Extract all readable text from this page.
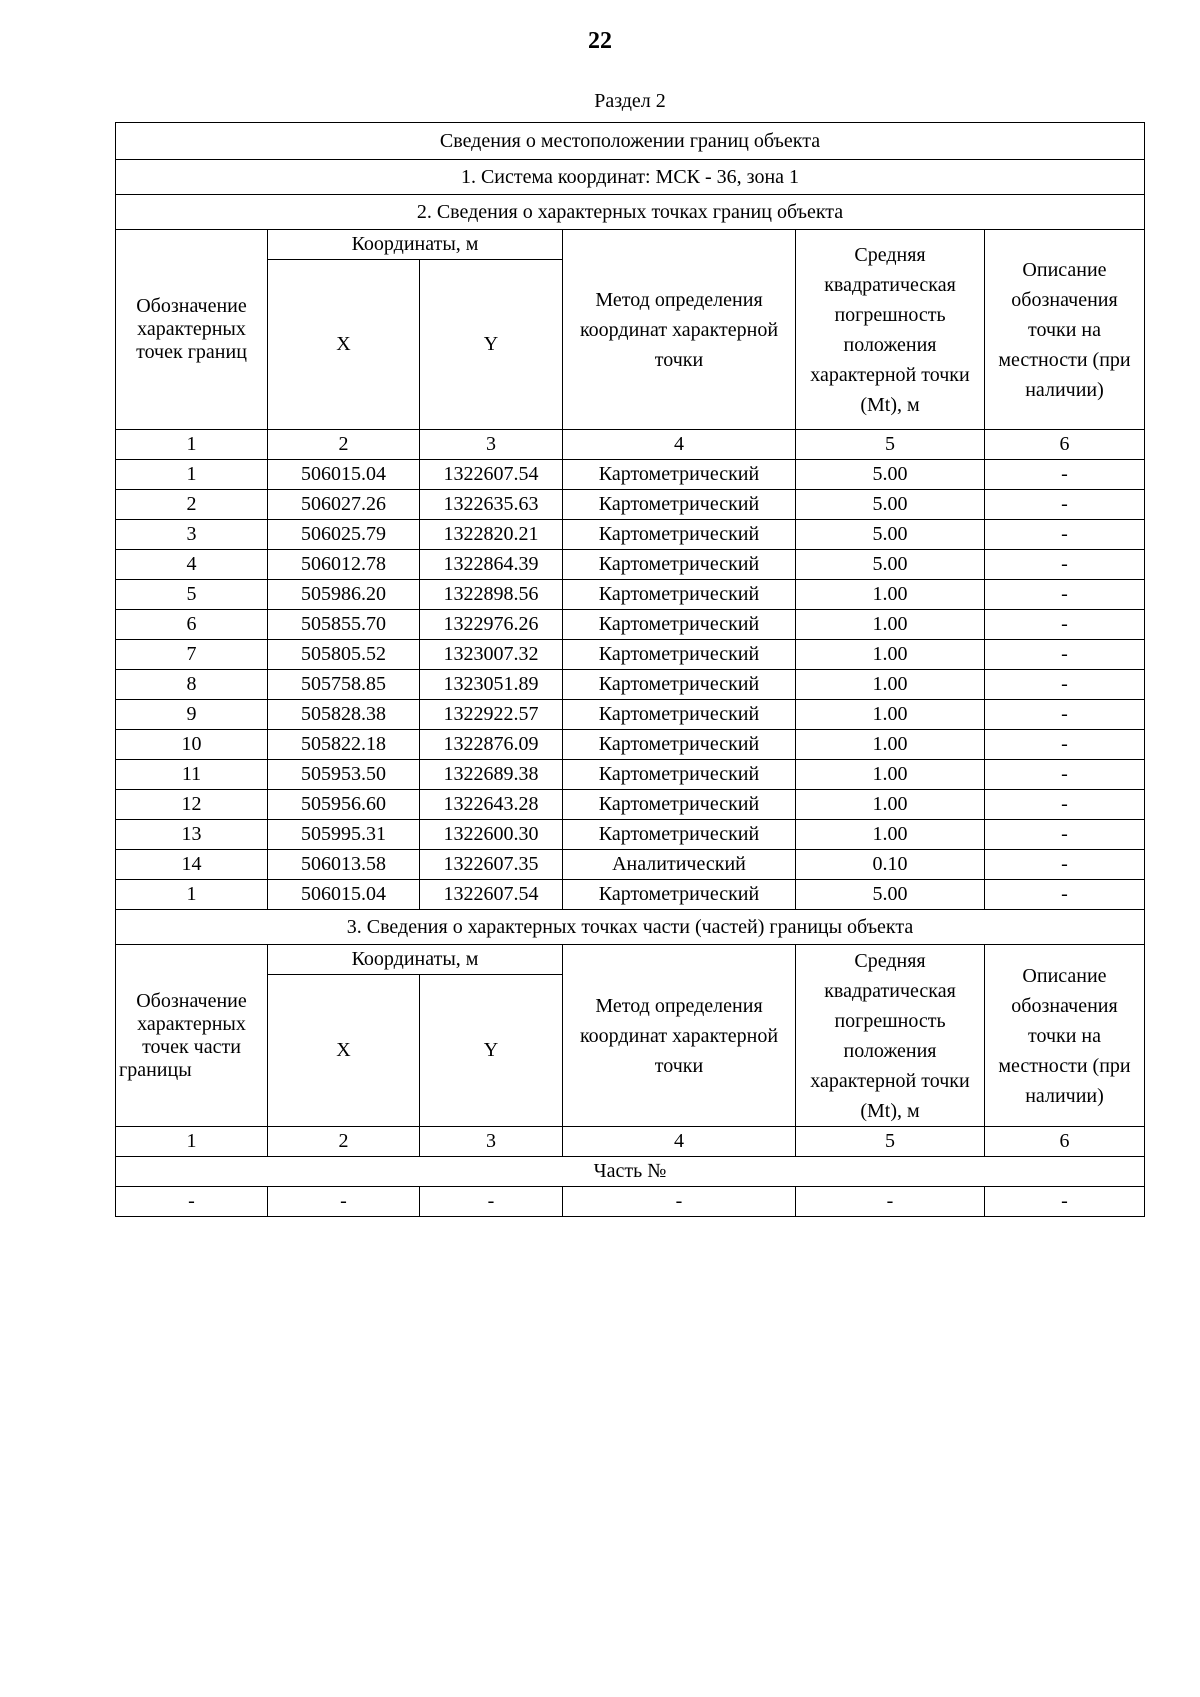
22
Раздел 2
Сведения о местоположении границ объекта					
1. Система координат: МСК - 36, зона 1					
2. Сведения о характерных точках границ объекта					
Обозначение характерных точек границ	Координаты, м		Метод определения координат характерной точки	Средняя квадратическая погрешность положения характерной точки (Mt), м	Описание обозначения точки на местности (при наличии)
	X	Y			
1	2	3	4	5	6
1	506015.04	1322607.54	Картометрический	5.00	-
2	506027.26	1322635.63	Картометрический	5.00	-
3	506025.79	1322820.21	Картометрический	5.00	-
4	506012.78	1322864.39	Картометрический	5.00	-
5	505986.20	1322898.56	Картометрический	1.00	-
6	505855.70	1322976.26	Картометрический	1.00	-
7	505805.52	1323007.32	Картометрический	1.00	-
8	505758.85	1323051.89	Картометрический	1.00	-
9	505828.38	1322922.57	Картометрический	1.00	-
10	505822.18	1322876.09	Картометрический	1.00	-
11	505953.50	1322689.38	Картометрический	1.00	-
12	505956.60	1322643.28	Картометрический	1.00	-
13	505995.31	1322600.30	Картометрический	1.00	-
14	506013.58	1322607.35	Аналитический	0.10	-
1	506015.04	1322607.54	Картометрический	5.00	-
3. Сведения о характерных точках части (частей) границы объекта					
Обозначение характерных точек части границы	Координаты, м		Метод определения координат характерной точки	Средняя квадратическая погрешность положения характерной точки (Mt), м	Описание обозначения точки на местности (при наличии)
	X	Y			
1	2	3	4	5	6
Часть №					
-	-	-	-	-	-
